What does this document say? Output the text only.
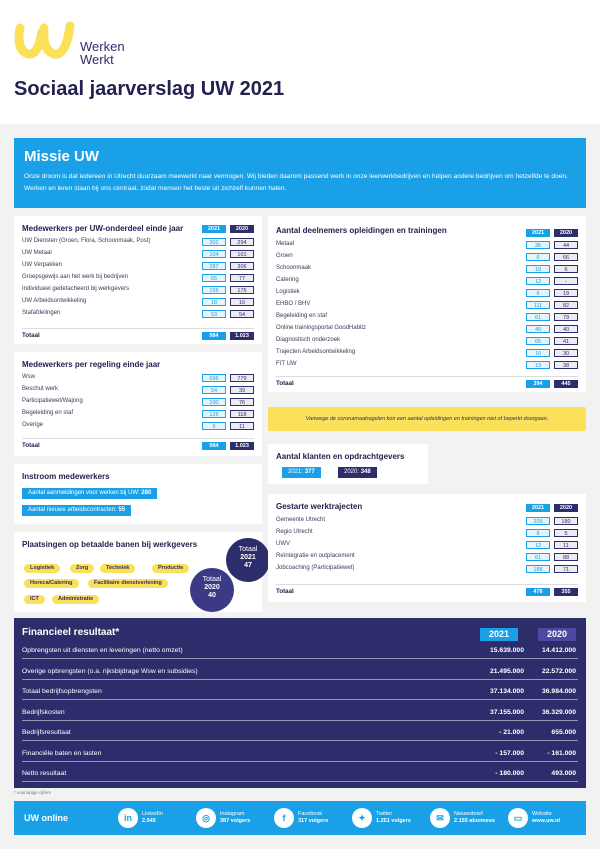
Werken
Werkt
Sociaal jaarverslag UW 2021
Missie UW

Onze droom is dat iedereen in Utrecht duurzaam meewerkt naar vermogen. Wij bieden daarom passend werk in onze leerwerkbedrijven en helpen andere bedrijven om hetzelfde te doen. Werken en leren staan bij ons centraal, zodat mensen het beste uit zichzelf kunnen halen.

Medewerkers per UW-onderdeel einde jaar	2021	2020
UW Diensten (Groen, Flora, Schoonmaak, Post)	302	294
UW Metaal	104	101
UW Verpakken	287	306
Groepsgewijs aan het werk bij bedrijven	65	77
Individueel gedetacheerd bij werkgevers	155	175
UW Arbeidsontwikkeling	18	16
Stafafdelingen	53	54
Totaal	984	1.023
Medewerkers per regeling einde jaar
Wsw	696	779
Beschut werk	54	39
Participatiewet/Wajong	100	76
Begeleiding en staf	125	118
Overige	9	11
Totaal	984	1.023
Instroom medewerkers
Aantal aanmeldingen voor werken bij UW: 280
Aantal nieuwe arbeidscontracten: 55
Plaatsingen op betaalde banen bij werkgevers
Logistiek	Zorg	Techniek	Productie
Horeca/Catering	Facilitaire dienstverlening
ICT	Administratie
Totaal
2021
47
Totaal
2020
40
Aantal deelnemers opleidingen en trainingen	2021	2020
Metaal	36	44
Groen	6	66
Schoonmaak	18	6
Catering	12	-
Logistiek	6	19
EHBO / BHV	111	82
Begeleiding en staf	61	79
Online trainingsportal GoodHabitz	49	40
Diagnostisch onderzoek	66	41
Trajecten Arbeidsontwikkeling	16	30
FIT UW	13	38
Totaal	394	445
Vanwege de coronamaatregelen kon een aantal opleidingen en trainingen niet of beperkt doorgaan.
Aantal klanten en opdrachtgevers
2021: 377	2020: 348
Gestarte werktrajecten	2021	2020
Gemeente Utrecht	209	180
Regio Utrecht	8	5
UWV	12	11
Reïntegratie en outplacement	61	88
Jobcoaching (Participatiewet)	188	71
Totaal	478	355
Financieel resultaat*	2021	2020
Opbrengsten uit diensten en leveringen (netto omzet)	15.639.000	14.412.000
Overige opbrengsten (o.a. rijksbijdrage Wsw en subsidies)	21.495.000	22.572.000
Totaal bedrijfsopbrengsten	37.134.000	36.984.000
Bedrijfskosten	37.155.000	36.329.000
Bedrijfsresultaat	- 21.000	655.000
Financiële baten en lasten	- 157.000	- 161.000
Netto resultaat	- 180.000	493.000
* voorlopige cijfers
UW online	in	LinkedIn
2.045	◎	Instagram
387 volgers	f	Facebook
317 volgers	✦	Twitter
1.251 volgers	✉	Nieuwsbrief
2.155 abonnees	▭	Website
www.uw.nl
